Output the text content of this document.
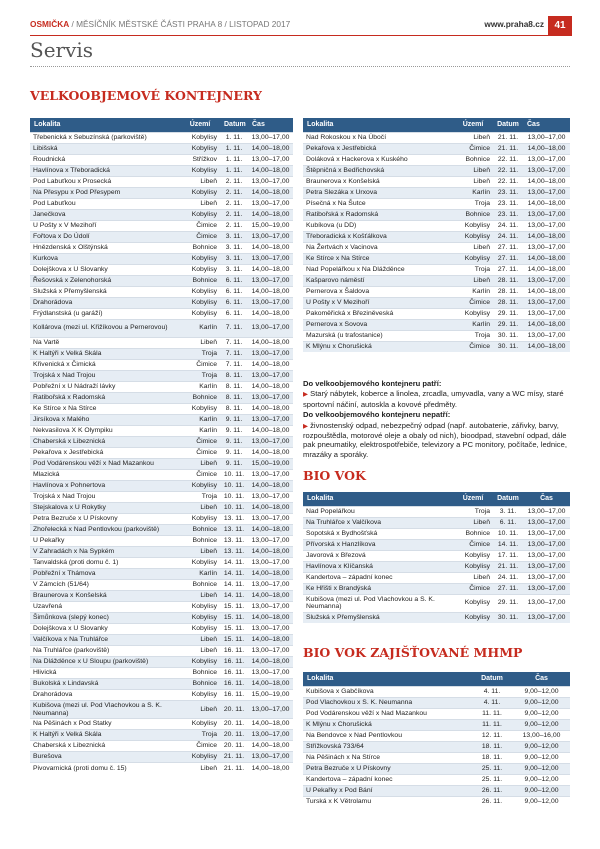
OSMIČKA / MĚSÍČNÍK MĚSTSKÉ ČÁSTI PRAHA 8 / LISTOPAD 2017	www.praha8.cz	41
Servis
VELKOOBJEMOVÉ KONTEJNERY
Lokalita	Území	Datum	Čas
Třebenická x Sebuzínská (parkoviště)	Kobylisy	1. 11.	13,00–17,00
Libišská	Kobylisy	1. 11.	14,00–18,00
Roudnická	Střížkov	1. 11.	13,00–17,00
Havlínova x Třeboradická	Kobylisy	1. 11.	14,00–18,00
Pod Labuťkou x Prosecká	Libeň	2. 11.	13,00–17,00
Na Přesypu x Pod Přesypem	Kobylisy	2. 11.	14,00–18,00
Pod Labuťkou	Libeň	2. 11.	13,00–17,00
Janečkova	Kobylisy	2. 11.	14,00–18,00
U Pošty x V Mezihoří	Čimice	2. 11.	15,00–19,00
Fořtova x Do Údolí	Čimice	3. 11.	13,00–17,00
Hnězdenská x Olštýnská	Bohnice	3. 11.	14,00–18,00
Kurkova	Kobylisy	3. 11.	13,00–17,00
Dolejškova x U Slovanky	Kobylisy	3. 11.	14,00–18,00
Řešovská x Zelenohorská	Bohnice	6. 11.	13,00–17,00
Služská x Přemyšlenská	Kobylisy	6. 11.	14,00–18,00
Drahorádova	Kobylisy	6. 11.	13,00–17,00
Frýdlanstská (u garáží)	Kobylisy	6. 11.	14,00–18,00
Kollárova (mezi ul. Křižíkovou a Pernerovou)	Karlín	7. 11.	13,00–17,00
Na Vartě	Libeň	7. 11.	14,00–18,00
K Haltýři x Velká Skála	Troja	7. 11.	13,00–17,00
Křivenická x Čimická	Čimice	7. 11.	14,00–18,00
Trojská x Nad Trojou	Troja	8. 11.	13,00–17,00
Pobřežní x U Nádraží lávky	Karlín	8. 11.	14,00–18,00
Ratibořská x Radomská	Bohnice	8. 11.	13,00–17,00
Ke Stírce x Na Stírce	Kobylisy	8. 11.	14,00–18,00
Jirsíkova x Malého	Karlín	9. 11.	13,00–17,00
Nekvasilova X K Olympiku	Karlín	9. 11.	14,00–18,00
Chaberská x Libeznická	Čimice	9. 11.	13,00–17,00
Pekařova x Jestřebická	Čimice	9. 11.	14,00–18,00
Pod Vodárenskou věží x Nad Mazankou	Libeň	9. 11.	15,00–19,00
Mlazická	Čimice	10. 11.	13,00–17,00
Havlínova x Pohnertova	Kobylisy	10. 11.	14,00–18,00
Trojská x Nad Trojou	Troja	10. 11.	13,00–17,00
Stejskalova x U Rokytky	Libeň	10. 11.	14,00–18,00
Petra Bezruče x U Pískovny	Kobylisy	13. 11.	13,00–17,00
Zhořelecká x Nad Pentlovkou (parkoviště)	Bohnice	13. 11.	14,00–18,00
U Pekařky	Bohnice	13. 11.	13,00–17,00
V Zahradách x Na Sypkém	Libeň	13. 11.	14,00–18,00
Tanvaldská (proti domu č. 1)	Kobylisy	14. 11.	13,00–17,00
Pobřežní x Thámova	Karlín	14. 11.	14,00–18,00
V Zámcích (51/64)	Bohnice	14. 11.	13,00–17,00
Braunerova x Konšelská	Libeň	14. 11.	14,00–18,00
Uzavřená	Kobylisy	15. 11.	13,00–17,00
Šimůnkova (slepý konec)	Kobylisy	15. 11.	14,00–18,00
Dolejškova x U Slovanky	Kobylisy	15. 11.	13,00–17,00
Valčíkova x Na Truhlářce	Libeň	15. 11.	14,00–18,00
Na Truhlářce (parkoviště)	Libeň	16. 11.	13,00–17,00
Na Dlážděnce x U Sloupu (parkoviště)	Kobylisy	16. 11.	14,00–18,00
Hlivická	Bohnice	16. 11.	13,00–17,00
Bukolská x Lindavská	Bohnice	16. 11.	14,00–18,00
Drahorádova	Kobylisy	16. 11.	15,00–19,00
Kubišova (mezi ul. Pod Vlachovkou a S. K. Neumanna)	Libeň	20. 11.	13,00–17,00
Na Pěšinách x Pod Statky	Kobylisy	20. 11.	14,00–18,00
K Haltýři x Velká Skála	Troja	20. 11.	13,00–17,00
Chaberská x Libeznická	Čimice	20. 11.	14,00–18,00
Burešova	Kobylisy	21. 11.	13,00–17,00
Pivovarnická (proti domu č. 15)	Libeň	21. 11.	14,00–18,00
Lokalita	Území	Datum	Čas
Nad Rokoskou x Na Úbočí	Libeň	21. 11.	13,00–17,00
Pekařova x Jestřebická	Čimice	21. 11.	14,00–18,00
Doláková x Hackerova x Kuského	Bohnice	22. 11.	13,00–17,00
Štěpničná x Bedřichovská	Libeň	22. 11.	13,00–17,00
Braunerova x Konšelská	Libeň	22. 11.	14,00–18,00
Petra Slezáka x Urxova	Karlín	23. 11.	13,00–17,00
Písečná x Na Šutce	Troja	23. 11.	14,00–18,00
Ratibořská x Radomská	Bohnice	23. 11.	13,00–17,00
Kubíkova (u DD)	Kobylisy	24. 11.	13,00–17,00
Třeboradická x Košťálkova	Kobylisy	24. 11.	14,00–18,00
Na Žertvách x Vacinova	Libeň	27. 11.	13,00–17,00
Ke Stírce x Na Stírce	Kobylisy	27. 11.	14,00–18,00
Nad Popelářkou x Na Dlážděnce	Troja	27. 11.	14,00–18,00
Kašparovo náměstí	Libeň	28. 11.	13,00–17,00
Pernerova x Šaldova	Karlín	28. 11.	14,00–18,00
U Pošty x V Mezihoří	Čimice	28. 11.	13,00–17,00
Pakoměřická x Březiněveská	Kobylisy	29. 11.	13,00–17,00
Pernerova x Sovova	Karlín	29. 11.	14,00–18,00
Mazurská (u trafostanice)	Troja	30. 11.	13,00–17,00
K Mlýnu x Chorušická	Čimice	30. 11.	14,00–18,00

Do velkoobjemového kontejneru patří:

▶ Starý nábytek, koberce a linolea, zrcadla, umyvadla, vany a WC mísy, staré sportovní náčiní, autoskla a kovové předměty.

Do velkoobjemového kontejneru nepatří:

▶ živnostenský odpad, nebezpečný odpad (např. autobaterie, zářivky, barvy, rozpouštědla, motorové oleje a obaly od nich), bioodpad, stavební odpad, dále pak pneumatiky, elektrospotřebiče, televizory a PC monitory, počítače, lednice, mrazáky a sporáky.

BIO VOK
Lokalita	Území	Datum	Čas
Nad Popelářkou	Troja	3. 11.	13,00–17,00
Na Truhlářce x Valčíkova	Libeň	6. 11.	13,00–17,00
Sopotská x Bydhošťská	Bohnice	10. 11.	13,00–17,00
Přívorská x Hanzlíkova	Čimice	14. 11.	13,00–17,00
Javorová x Březová	Kobylisy	17. 11.	13,00–17,00
Havlínova x Klíčanská	Kobylisy	21. 11.	13,00–17,00
Kandertova – západní konec	Libeň	24. 11.	13,00–17,00
Ke Hřišti x Brandýská	Čimice	27. 11.	13,00–17,00
Kubišova (mezi ul. Pod Vlachovkou a S. K. Neumanna)	Kobylisy	29. 11.	13,00–17,00
Služská x Přemyšlenská	Kobylisy	30. 11.	13,00–17,00
BIO VOK ZAJIŠŤOVANÉ MHMP
Lokalita	Datum	Čas
Kubišova x Gabčíkova	4. 11.	9,00–12,00
Pod Vlachovkou x S. K. Neumanna	4. 11.	9,00–12,00
Pod Vodárenskou věží x Nad Mazankou	11. 11.	9,00–12,00
K Mlýnu x Chorušická	11. 11.	9,00–12,00
Na Bendovce x Nad Pentlovkou	12. 11.	13,00–16,00
Střížkovská 733/64	18. 11.	9,00–12,00
Na Pěšinách x Na Stírce	18. 11.	9,00–12,00
Petra Bezruče x U Pískovny	25. 11.	9,00–12,00
Kandertova – západní konec	25. 11.	9,00–12,00
U Pekařky x Pod Bání	26. 11.	9,00–12,00
Turská x K Větrolamu	26. 11.	9,00–12,00
